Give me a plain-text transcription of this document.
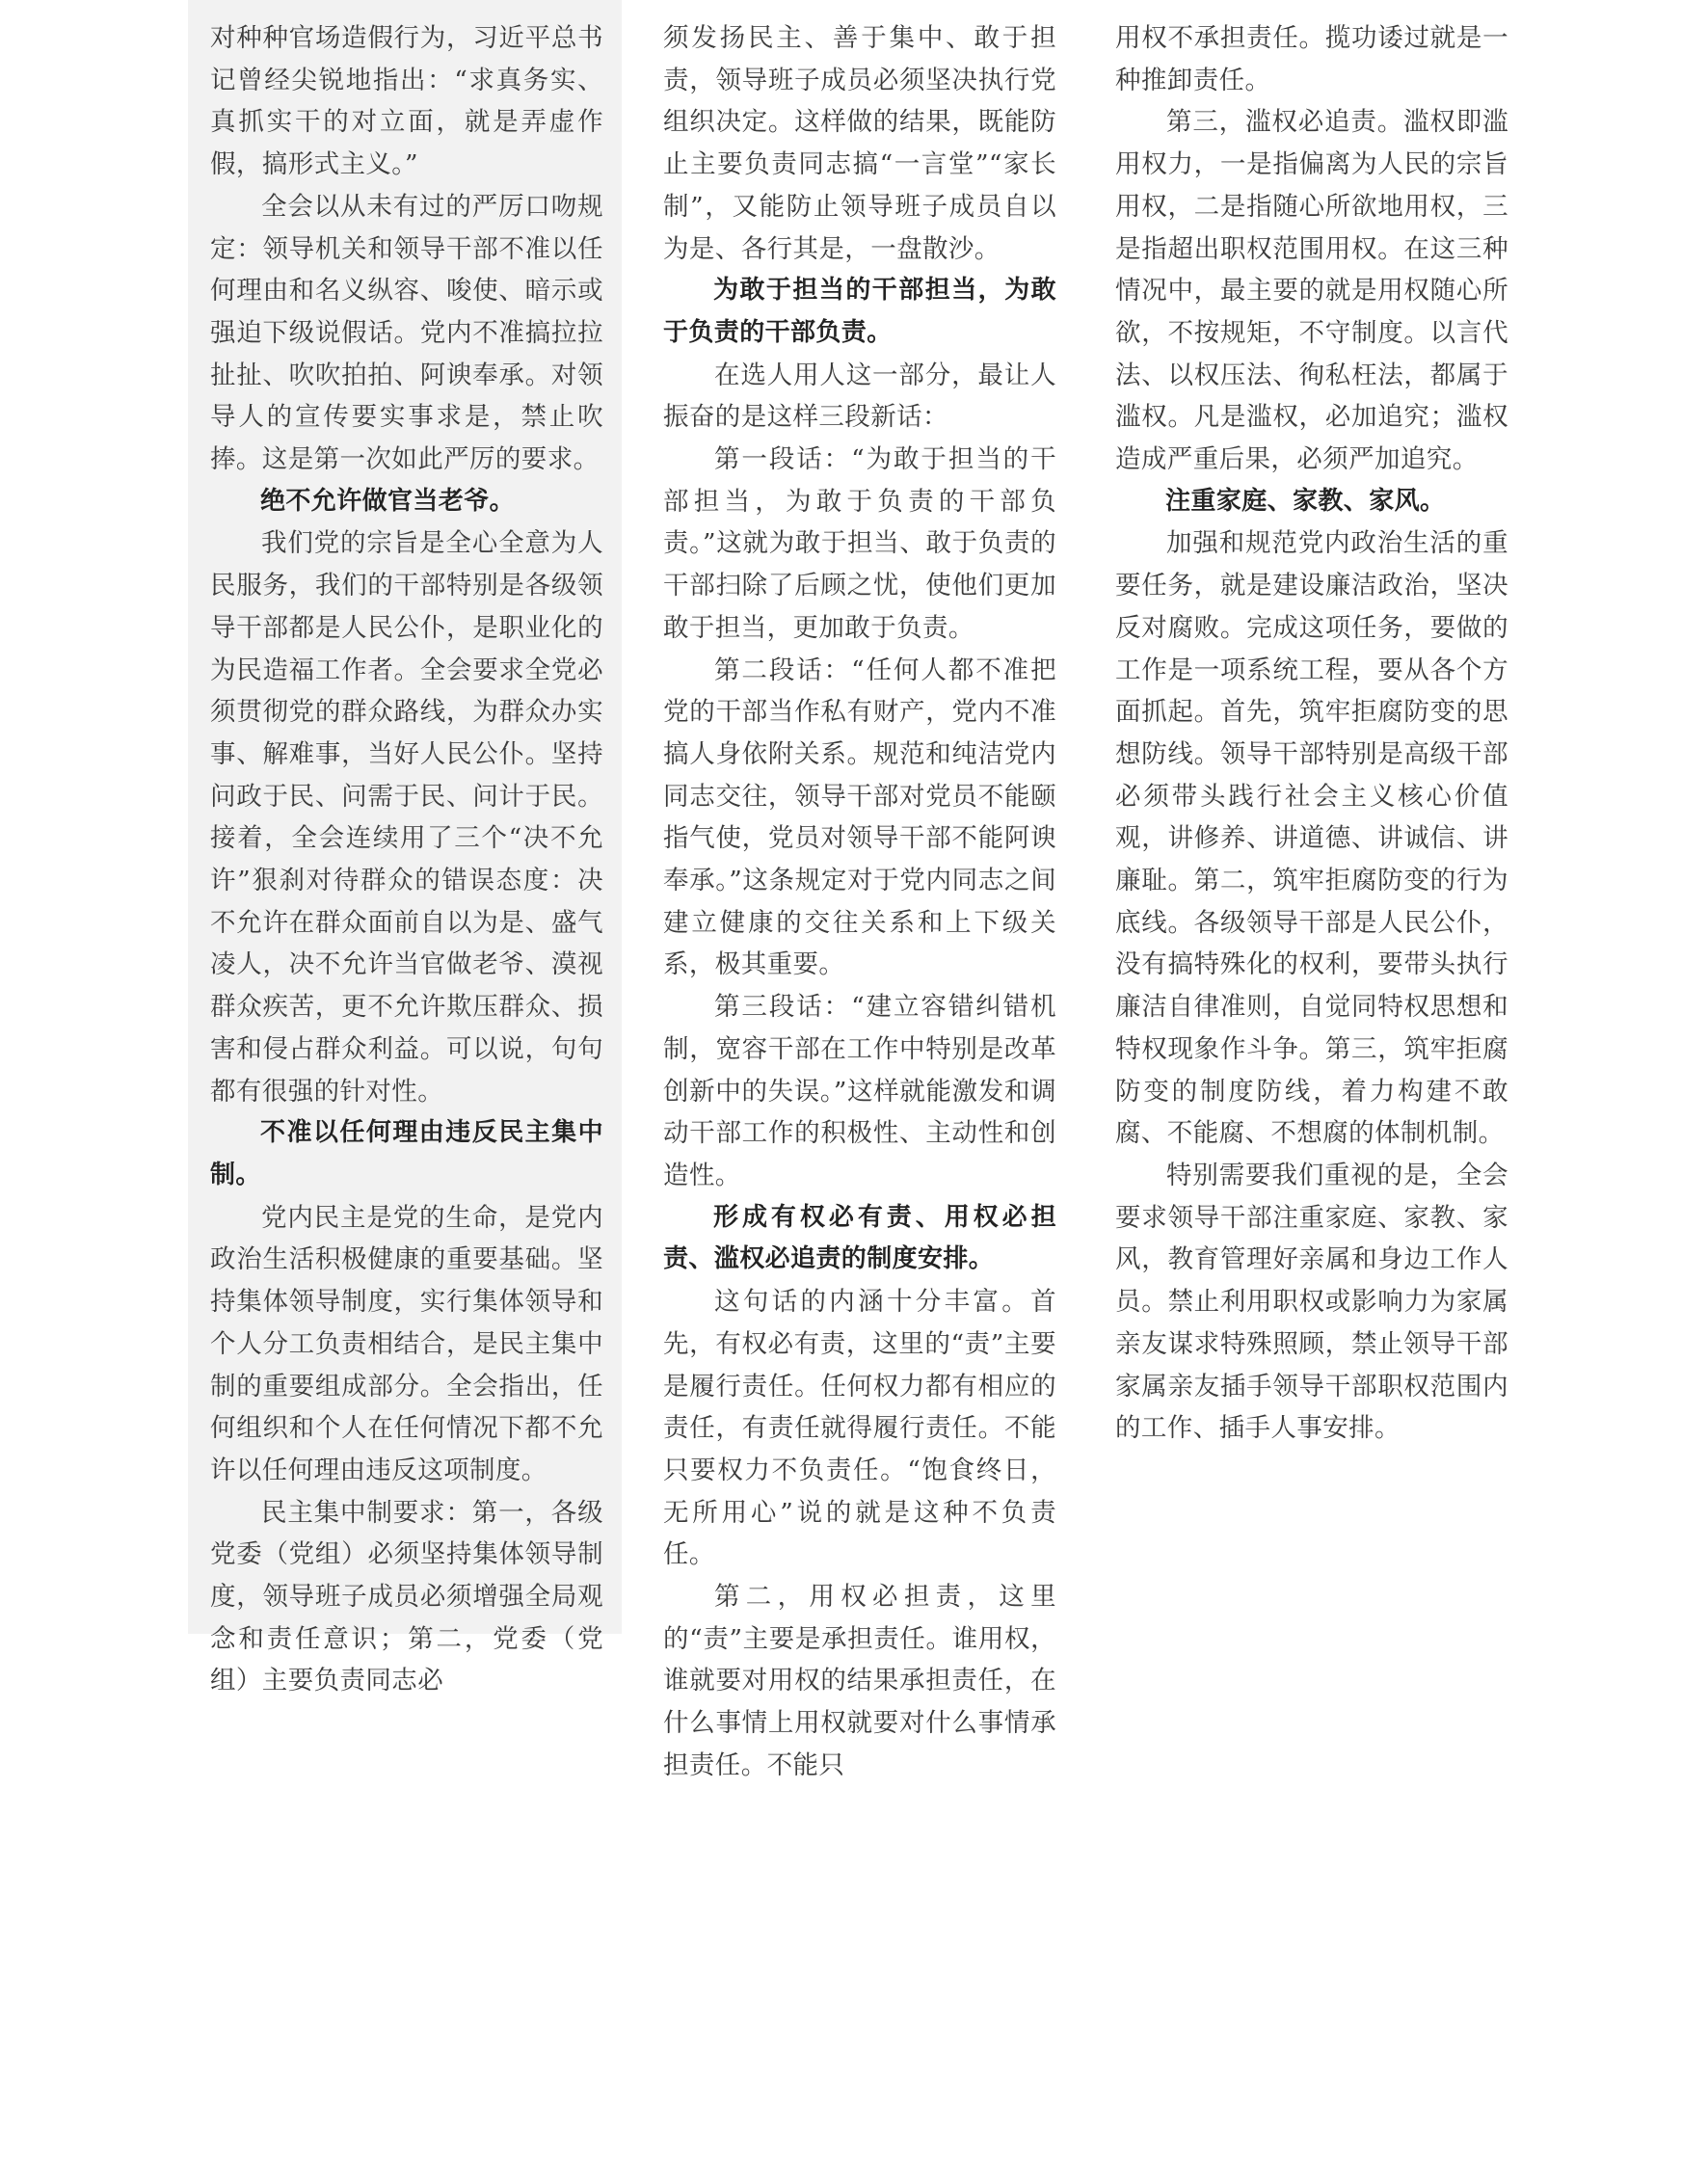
对种种官场造假行为，习近平总书记曾经尖锐地指出：“求真务实、真抓实干的对立面，就是弄虚作假，搞形式主义。”

全会以从未有过的严厉口吻规定：领导机关和领导干部不准以任何理由和名义纵容、唆使、暗示或强迫下级说假话。党内不准搞拉拉扯扯、吹吹拍拍、阿谀奉承。对领导人的宣传要实事求是，禁止吹捧。这是第一次如此严厉的要求。

绝不允许做官当老爷。

我们党的宗旨是全心全意为人民服务，我们的干部特别是各级领导干部都是人民公仆，是职业化的为民造福工作者。全会要求全党必须贯彻党的群众路线，为群众办实事、解难事，当好人民公仆。坚持问政于民、问需于民、问计于民。接着，全会连续用了三个“决不允许”狠刹对待群众的错误态度：决不允许在群众面前自以为是、盛气凌人，决不允许当官做老爷、漠视群众疾苦，更不允许欺压群众、损害和侵占群众利益。可以说，句句都有很强的针对性。

不准以任何理由违反民主集中制。

党内民主是党的生命，是党内政治生活积极健康的重要基础。坚持集体领导制度，实行集体领导和个人分工负责相结合，是民主集中制的重要组成部分。全会指出，任何组织和个人在任何情况下都不允许以任何理由违反这项制度。

民主集中制要求：第一，各级党委（党组）必须坚持集体领导制度，领导班子成员必须增强全局观念和责任意识；第二，党委（党组）主要负责同志必

须发扬民主、善于集中、敢于担责，领导班子成员必须坚决执行党组织决定。这样做的结果，既能防止主要负责同志搞“一言堂”“家长制”，又能防止领导班子成员自以为是、各行其是，一盘散沙。

为敢于担当的干部担当，为敢于负责的干部负责。

在选人用人这一部分，最让人振奋的是这样三段新话：

第一段话：“为敢于担当的干部担当，为敢于负责的干部负责。”这就为敢于担当、敢于负责的干部扫除了后顾之忧，使他们更加敢于担当，更加敢于负责。

第二段话：“任何人都不准把党的干部当作私有财产，党内不准搞人身依附关系。规范和纯洁党内同志交往，领导干部对党员不能颐指气使，党员对领导干部不能阿谀奉承。”这条规定对于党内同志之间建立健康的交往关系和上下级关系，极其重要。

第三段话：“建立容错纠错机制，宽容干部在工作中特别是改革创新中的失误。”这样就能激发和调动干部工作的积极性、主动性和创造性。

形成有权必有责、用权必担责、滥权必追责的制度安排。

这句话的内涵十分丰富。首先，有权必有责，这里的“责”主要是履行责任。任何权力都有相应的责任，有责任就得履行责任。不能只要权力不负责任。“饱食终日，无所用心”说的就是这种不负责任。

第二，用权必担责，这里的“责”主要是承担责任。谁用权，谁就要对用权的结果承担责任，在什么事情上用权就要对什么事情承担责任。不能只

用权不承担责任。揽功诿过就是一种推卸责任。

第三，滥权必追责。滥权即滥用权力，一是指偏离为人民的宗旨用权，二是指随心所欲地用权，三是指超出职权范围用权。在这三种情况中，最主要的就是用权随心所欲，不按规矩，不守制度。以言代法、以权压法、徇私枉法，都属于滥权。凡是滥权，必加追究；滥权造成严重后果，必须严加追究。

注重家庭、家教、家风。

加强和规范党内政治生活的重要任务，就是建设廉洁政治，坚决反对腐败。完成这项任务，要做的工作是一项系统工程，要从各个方面抓起。首先，筑牢拒腐防变的思想防线。领导干部特别是高级干部必须带头践行社会主义核心价值观，讲修养、讲道德、讲诚信、讲廉耻。第二，筑牢拒腐防变的行为底线。各级领导干部是人民公仆，没有搞特殊化的权利，要带头执行廉洁自律准则，自觉同特权思想和特权现象作斗争。第三，筑牢拒腐防变的制度防线，着力构建不敢腐、不能腐、不想腐的体制机制。

特别需要我们重视的是，全会要求领导干部注重家庭、家教、家风，教育管理好亲属和身边工作人员。禁止利用职权或影响力为家属亲友谋求特殊照顾，禁止领导干部家属亲友插手领导干部职权范围内的工作、插手人事安排。
